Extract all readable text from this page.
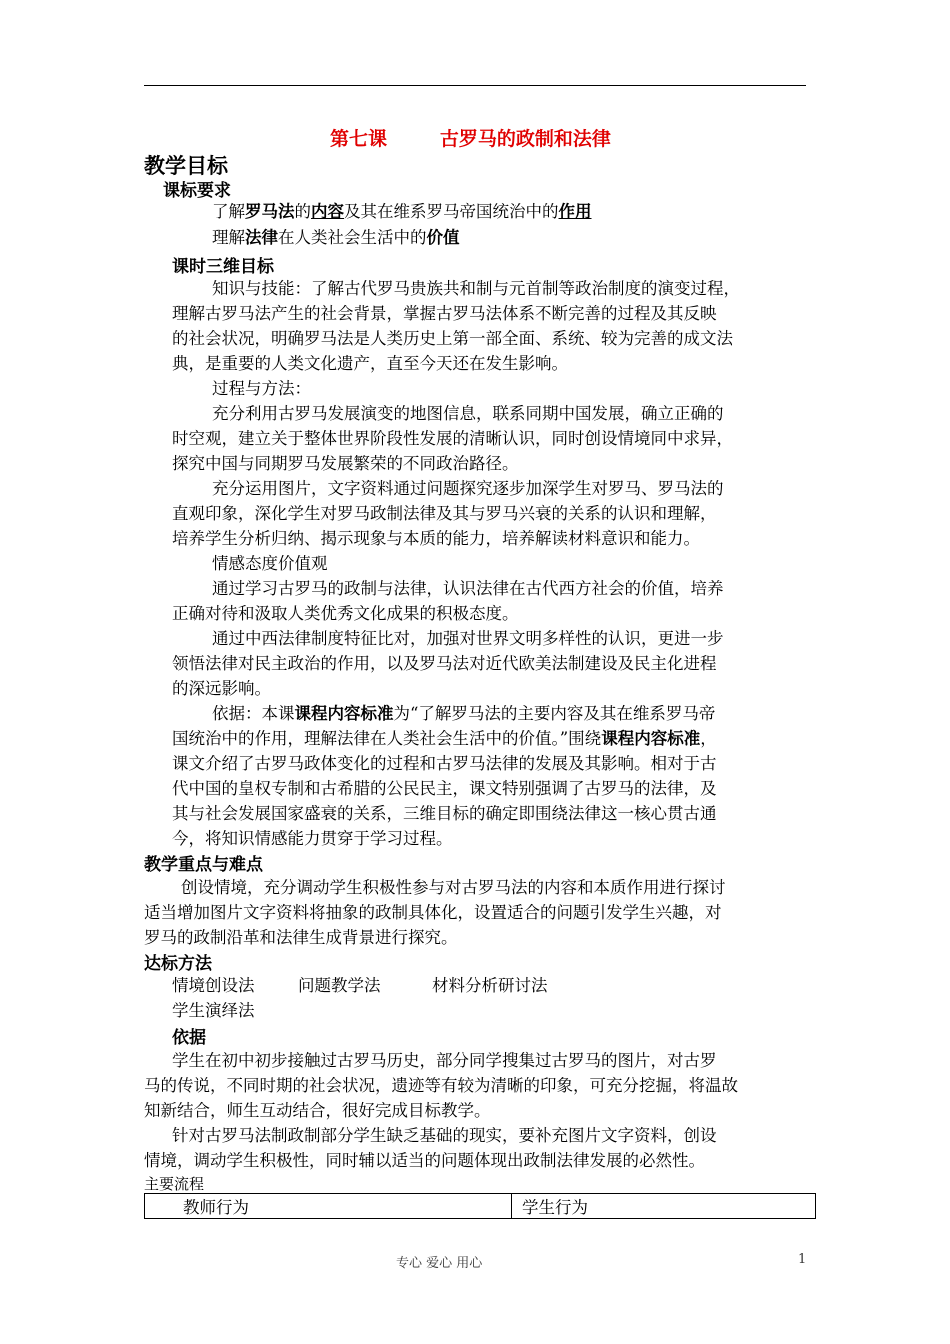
第七课        古罗马的政制和法律
教学目标
课标要求
了解罗马法的内容及其在维系罗马帝国统治中的作用
理解法律在人类社会生活中的价值
课时三维目标
知识与技能：了解古代罗马贵族共和制与元首制等政治制度的演变过程，
理解古罗马法产生的社会背景，掌握古罗马法体系不断完善的过程及其反映
的社会状况，明确罗马法是人类历史上第一部全面、系统、较为完善的成文法
典，是重要的人类文化遗产，直至今天还在发生影响。
过程与方法：
充分利用古罗马发展演变的地图信息，联系同期中国发展，确立正确的
时空观，建立关于整体世界阶段性发展的清晰认识，同时创设情境同中求异，
探究中国与同期罗马发展繁荣的不同政治路径。
充分运用图片，文字资料通过问题探究逐步加深学生对罗马、罗马法的
直观印象，深化学生对罗马政制法律及其与罗马兴衰的关系的认识和理解，
培养学生分析归纳、揭示现象与本质的能力，培养解读材料意识和能力。
情感态度价值观
通过学习古罗马的政制与法律，认识法律在古代西方社会的价值，培养
正确对待和汲取人类优秀文化成果的积极态度。
通过中西法律制度特征比对，加强对世界文明多样性的认识，更进一步
领悟法律对民主政治的作用，以及罗马法对近代欧美法制建设及民主化进程
的深远影响。
依据：本课课程内容标准为“了解罗马法的主要内容及其在维系罗马帝
国统治中的作用，理解法律在人类社会生活中的价值。”围绕课程内容标准，
课文介绍了古罗马政体变化的过程和古罗马法律的发展及其影响。相对于古
代中国的皇权专制和古希腊的公民民主，课文特别强调了古罗马的法律，及
其与社会发展国家盛衰的关系，三维目标的确定即围绕法律这一核心贯古通
今，将知识情感能力贯穿于学习过程。
教学重点与难点
创设情境，充分调动学生积极性参与对古罗马法的内容和本质作用进行探讨
适当增加图片文字资料将抽象的政制具体化，设置适合的问题引发学生兴趣，对
罗马的政制沿革和法律生成背景进行探究。
达标方法
情境创设法	问题教学法	材料分析研讨法
学生演绎法
依据
学生在初中初步接触过古罗马历史，部分同学搜集过古罗马的图片，对古罗
马的传说，不同时期的社会状况，遗迹等有较为清晰的印象，可充分挖掘，将温故
知新结合，师生互动结合，很好完成目标教学。
针对古罗马法制政制部分学生缺乏基础的现实，要补充图片文字资料，创设
情境，调动学生积极性，同时辅以适当的问题体现出政制法律发展的必然性。
主要流程
教师行为	学生行为
专心 爱心 用心	1
